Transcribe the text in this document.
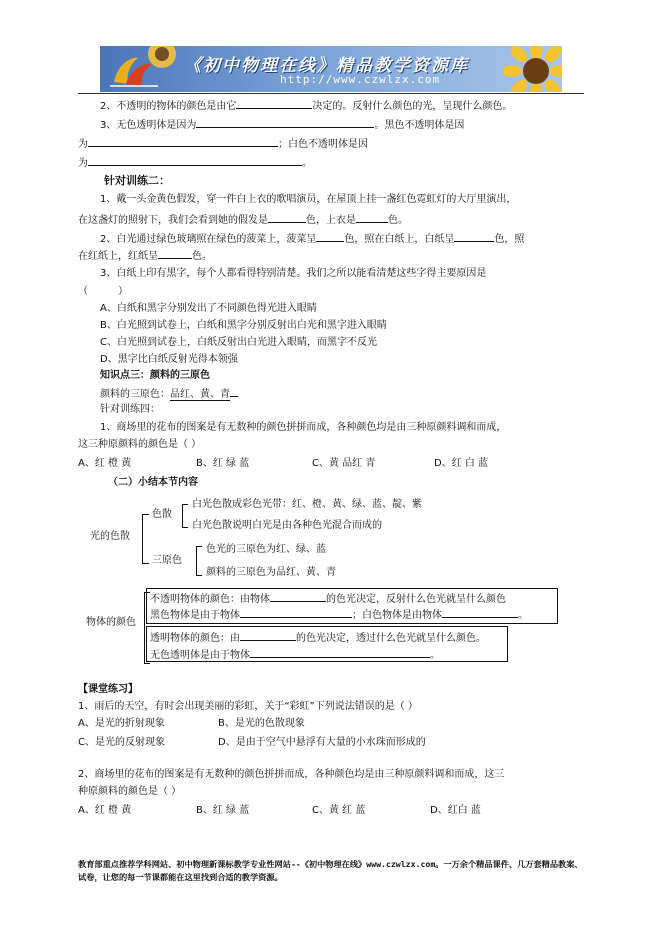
《初中物理在线》精品教学资源库
http://www.czwlzx.com
2、不透明的物体的颜色是由它	决定的。反射什么颜色的光，呈现什么颜色。
3、无色透明体是因为	。黑色不透明体是因
为	；白色不透明体是因
为	。
针对训练二：
1、戴一头金黄色假发，穿一件白上衣的歌唱演员，在屋顶上挂一盏红色霓虹灯的大厅里演出，
在这盏灯的照射下，我们会看到她的假发是	色，上衣是	色。
2、白光通过绿色玻璃照在绿色的菠菜上，菠菜呈	色，照在白纸上，白纸呈	色，照
在红纸上，红纸呈	色。
3、白纸上印有黑字，每个人都看得特别清楚。我们之所以能看清楚这些字得主要原因是
（　　　）
A、白纸和黑字分别发出了不同颜色得光进入眼睛
B、白光照到试卷上，白纸和黑字分别反射出白光和黑字进入眼睛
C、白光照到试卷上，白纸反射出白光进入眼睛，而黑字不反光
D、黑字比白纸反射光得本领强
知识点三：颜料的三原色
颜料的三原色：品红、黄、青
针对训练四：
1、商场里的花布的图案是有无数种的颜色拼拼而成，各种颜色均是由三种原颜料调和而成，
这三种原颜料的颜色是（ ）
A、红 橙 黄	B、红 绿 蓝	C、黄 品红 青	D、红 白 蓝
（二）小结本节内容
光的色散
色散
白光色散成彩色光带：红、橙、黄、绿、蓝、靛、紫
白光色散说明白光是由各种色光混合而成的
三原色
色光的三原色为红、绿、蓝
颜料的三原色为品红、黄、青
物体的颜色
不透明物体的颜色：由物体	的色光决定，反射什么色光就呈什么颜色
黑色物体是由于物体	；白色物体是由物体	。
透明物体的颜色：由	的色光决定，透过什么色光就呈什么颜色。
无色透明体是由于物体	。
【课堂练习】
1、雨后的天空，有时会出现美丽的彩虹，关于“彩虹”下列说法错误的是（ ）
A、是光的折射现象	B、是光的色散现象
C、是光的反射现象	D、是由于空气中悬浮有大量的小水珠而形成的
2、商场里的花布的图案是有无数种的颜色拼拼而成，各种颜色均是由三种原颜料调和而成，这三
种原颜料的颜色是（ ）
A、红 橙 黄	B、红 绿 蓝	C、黄 红 蓝	D、红白 蓝
教育部重点推荐学科网站、初中物理新课标教学专业性网站--《初中物理在线》www.czwlzx.com。一万余个精品课件、几万套精品教案、试卷，让您的每一节课都能在这里找到合适的教学资源。
